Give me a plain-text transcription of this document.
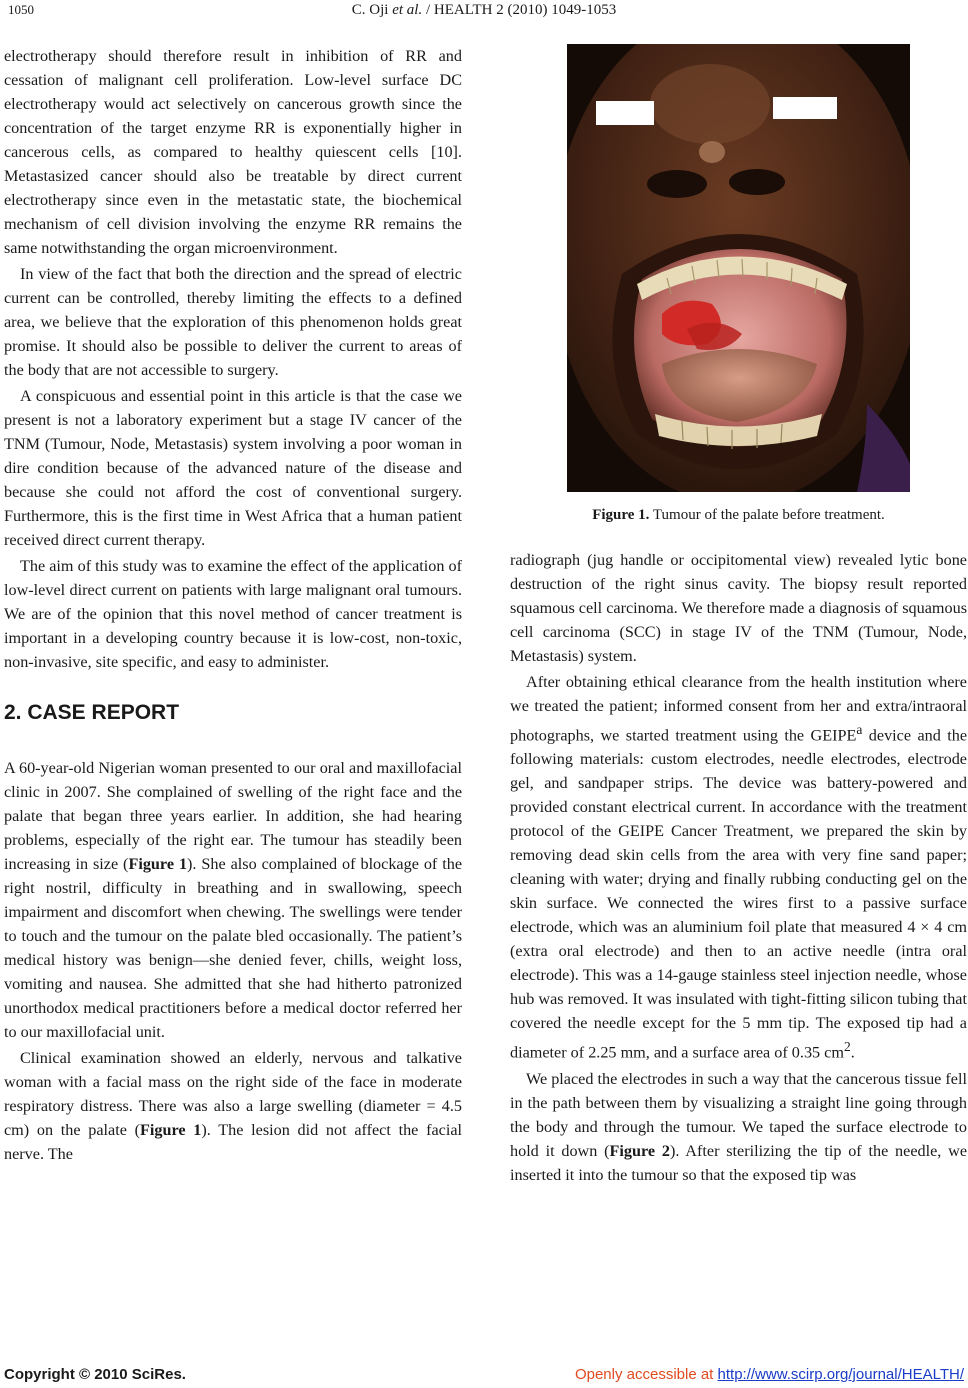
1050	C. Oji et al. / HEALTH 2 (2010) 1049-1053

electrotherapy should therefore result in inhibition of RR and cessation of malignant cell proliferation. Low-level surface DC electrotherapy would act selectively on cancerous growth since the concentration of the target enzyme RR is exponentially higher in cancerous cells, as compared to healthy quiescent cells [10]. Metastasized cancer should also be treatable by direct current electrotherapy since even in the metastatic state, the biochemical mechanism of cell division involving the enzyme RR remains the same notwithstanding the organ microenvironment.

In view of the fact that both the direction and the spread of electric current can be controlled, thereby limiting the effects to a defined area, we believe that the exploration of this phenomenon holds great promise. It should also be possible to deliver the current to areas of the body that are not accessible to surgery.

A conspicuous and essential point in this article is that the case we present is not a laboratory experiment but a stage IV cancer of the TNM (Tumour, Node, Metastasis) system involving a poor woman in dire condition because of the advanced nature of the disease and because she could not afford the cost of conventional surgery. Furthermore, this is the first time in West Africa that a human patient received direct current therapy.

The aim of this study was to examine the effect of the application of low-level direct current on patients with large malignant oral tumours. We are of the opinion that this novel method of cancer treatment is important in a developing country because it is low-cost, non-toxic, non-invasive, site specific, and easy to administer.

2. CASE REPORT

A 60-year-old Nigerian woman presented to our oral and maxillofacial clinic in 2007. She complained of swelling of the right face and the palate that began three years earlier. In addition, she had hearing problems, especially of the right ear. The tumour has steadily been increasing in size (Figure 1). She also complained of blockage of the right nostril, difficulty in breathing and in swallowing, speech impairment and discomfort when chewing. The swellings were tender to touch and the tumour on the palate bled occasionally. The patient’s medical history was benign—she denied fever, chills, weight loss, vomiting and nausea. She admitted that she had hitherto patronized unorthodox medical practitioners before a medical doctor referred her to our maxillofacial unit.

Clinical examination showed an elderly, nervous and talkative woman with a facial mass on the right side of the face in moderate respiratory distress. There was also a large swelling (diameter = 4.5 cm) on the palate (Figure 1). The lesion did not affect the facial nerve. The

Figure 1. Tumour of the palate before treatment.

radiograph (jug handle or occipitomental view) revealed lytic bone destruction of the right sinus cavity. The biopsy result reported squamous cell carcinoma. We therefore made a diagnosis of squamous cell carcinoma (SCC) in stage IV of the TNM (Tumour, Node, Metastasis) system.

After obtaining ethical clearance from the health institution where we treated the patient; informed consent from her and extra/intraoral photographs, we started treatment using the GEIPE$^a$ device and the following materials: custom electrodes, needle electrodes, electrode gel, and sandpaper strips. The device was battery-powered and provided constant electrical current. In accordance with the treatment protocol of the GEIPE Cancer Treatment, we prepared the skin by removing dead skin cells from the area with very fine sand paper; cleaning with water; drying and finally rubbing conducting gel on the skin surface. We connected the wires first to a passive surface electrode, which was an aluminium foil plate that measured 4 × 4 cm (extra oral electrode) and then to an active needle (intra oral electrode). This was a 14-gauge stainless steel injection needle, whose hub was removed. It was insulated with tight-fitting silicon tubing that covered the needle except for the 5 mm tip. The exposed tip had a diameter of 2.25 mm, and a surface area of 0.35 $cm^2$.

We placed the electrodes in such a way that the cancerous tissue fell in the path between them by visualizing a straight line going through the body and through the tumour. We taped the surface electrode to hold it down (Figure 2). After sterilizing the tip of the needle, we inserted it into the tumour so that the exposed tip was

Copyright © 2010 SciRes.	Openly accessible at http://www.scirp.org/journal/HEALTH/
